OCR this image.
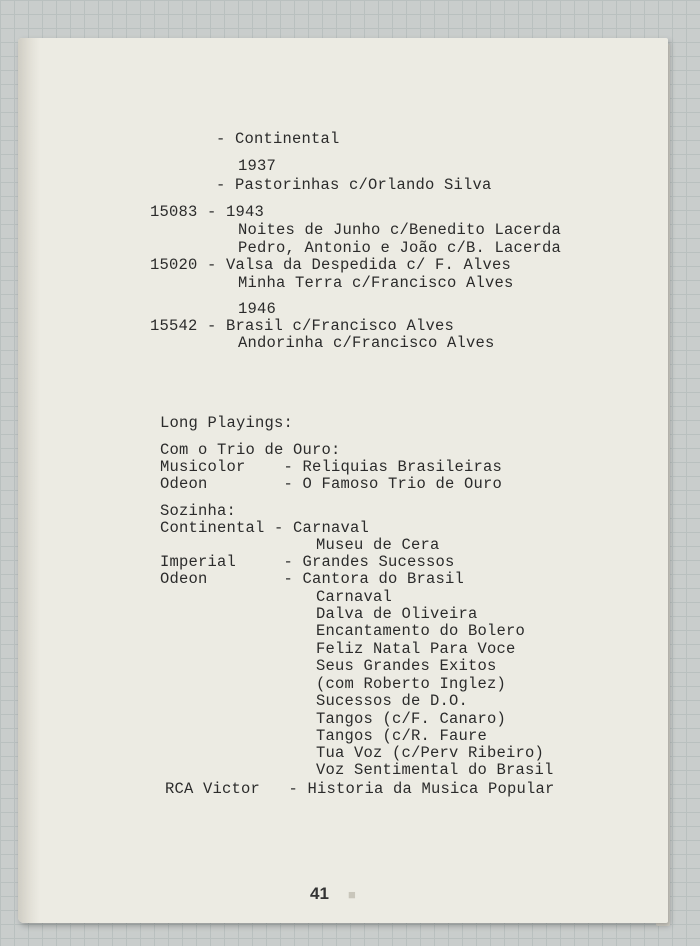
- Continental
1937
- Pastorinhas c/Orlando Silva
15083 - 1943
Noites de Junho c/Benedito Lacerda
Pedro, Antonio e João c/B. Lacerda
15020 - Valsa da Despedida c/ F. Alves
Minha Terra c/Francisco Alves
1946
15542 - Brasil c/Francisco Alves
Andorinha c/Francisco Alves
Long Playings:
Com o Trio de Ouro:
Musicolor    - Reliquias Brasileiras
Odeon        - O Famoso Trio de Ouro
Sozinha:
Continental - Carnaval
Museu de Cera
Imperial     - Grandes Sucessos
Odeon        - Cantora do Brasil
Carnaval
Dalva de Oliveira
Encantamento do Bolero
Feliz Natal Para Voce
Seus Grandes Exitos
(com Roberto Inglez)
Sucessos de D.O.
Tangos (c/F. Canaro)
Tangos (c/R. Faure
Tua Voz (c/Perv Ribeiro)
Voz Sentimental do Brasil
RCA Victor   - Historia da Musica Popular
41 ■
